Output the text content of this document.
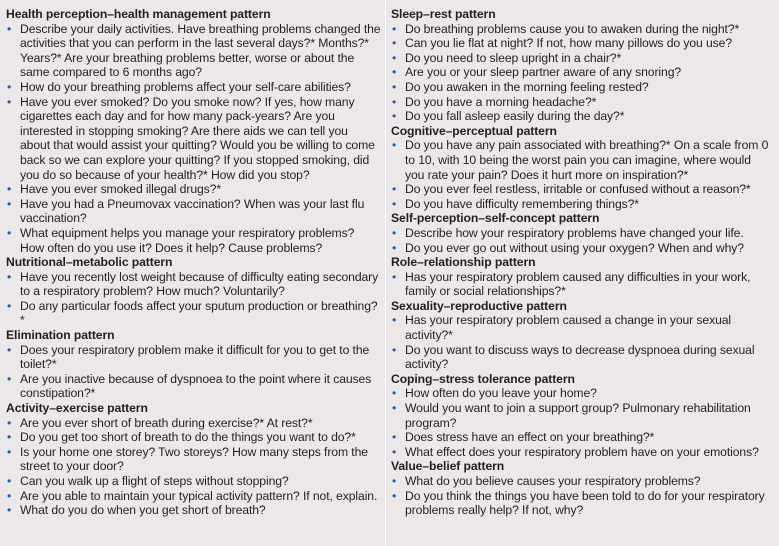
Health perception–health management pattern
• Describe your daily activities. Have breathing problems changed the activities that you can perform in the last several days?* Months?* Years?* Are your breathing problems better, worse or about the same compared to 6 months ago?
• How do your breathing problems affect your self-care abilities?
• Have you ever smoked? Do you smoke now? If yes, how many cigarettes each day and for how many pack-years? Are you interested in stopping smoking? Are there aids we can tell you about that would assist your quitting? Would you be willing to come back so we can explore your quitting? If you stopped smoking, did you do so because of your health?* How did you stop?
• Have you ever smoked illegal drugs?*
• Have you had a Pneumovax vaccination? When was your last flu vaccination?
• What equipment helps you manage your respiratory problems? How often do you use it? Does it help? Cause problems?
Nutritional–metabolic pattern
• Have you recently lost weight because of difficulty eating secondary to a respiratory problem? How much? Voluntarily?
• Do any particular foods affect your sputum production or breathing?*
Elimination pattern
• Does your respiratory problem make it difficult for you to get to the toilet?*
• Are you inactive because of dyspnoea to the point where it causes constipation?*
Activity–exercise pattern
• Are you ever short of breath during exercise?* At rest?*
• Do you get too short of breath to do the things you want to do?*
• Is your home one storey? Two storeys? How many steps from the street to your door?
• Can you walk up a flight of steps without stopping?
• Are you able to maintain your typical activity pattern? If not, explain.
• What do you do when you get short of breath?
Sleep–rest pattern
• Do breathing problems cause you to awaken during the night?*
• Can you lie flat at night? If not, how many pillows do you use?
• Do you need to sleep upright in a chair?*
• Are you or your sleep partner aware of any snoring?
• Do you awaken in the morning feeling rested?
• Do you have a morning headache?*
• Do you fall asleep easily during the day?*
Cognitive–perceptual pattern
• Do you have any pain associated with breathing?* On a scale from 0 to 10, with 10 being the worst pain you can imagine, where would you rate your pain? Does it hurt more on inspiration?*
• Do you ever feel restless, irritable or confused without a reason?*
• Do you have difficulty remembering things?*
Self-perception–self-concept pattern
• Describe how your respiratory problems have changed your life.
• Do you ever go out without using your oxygen? When and why?
Role–relationship pattern
• Has your respiratory problem caused any difficulties in your work, family or social relationships?*
Sexuality–reproductive pattern
• Has your respiratory problem caused a change in your sexual activity?*
• Do you want to discuss ways to decrease dyspnoea during sexual activity?
Coping–stress tolerance pattern
• How often do you leave your home?
• Would you want to join a support group? Pulmonary rehabilitation program?
• Does stress have an effect on your breathing?*
• What effect does your respiratory problem have on your emotions?
Value–belief pattern
• What do you believe causes your respiratory problems?
• Do you think the things you have been told to do for your respiratory problems really help? If not, why?
